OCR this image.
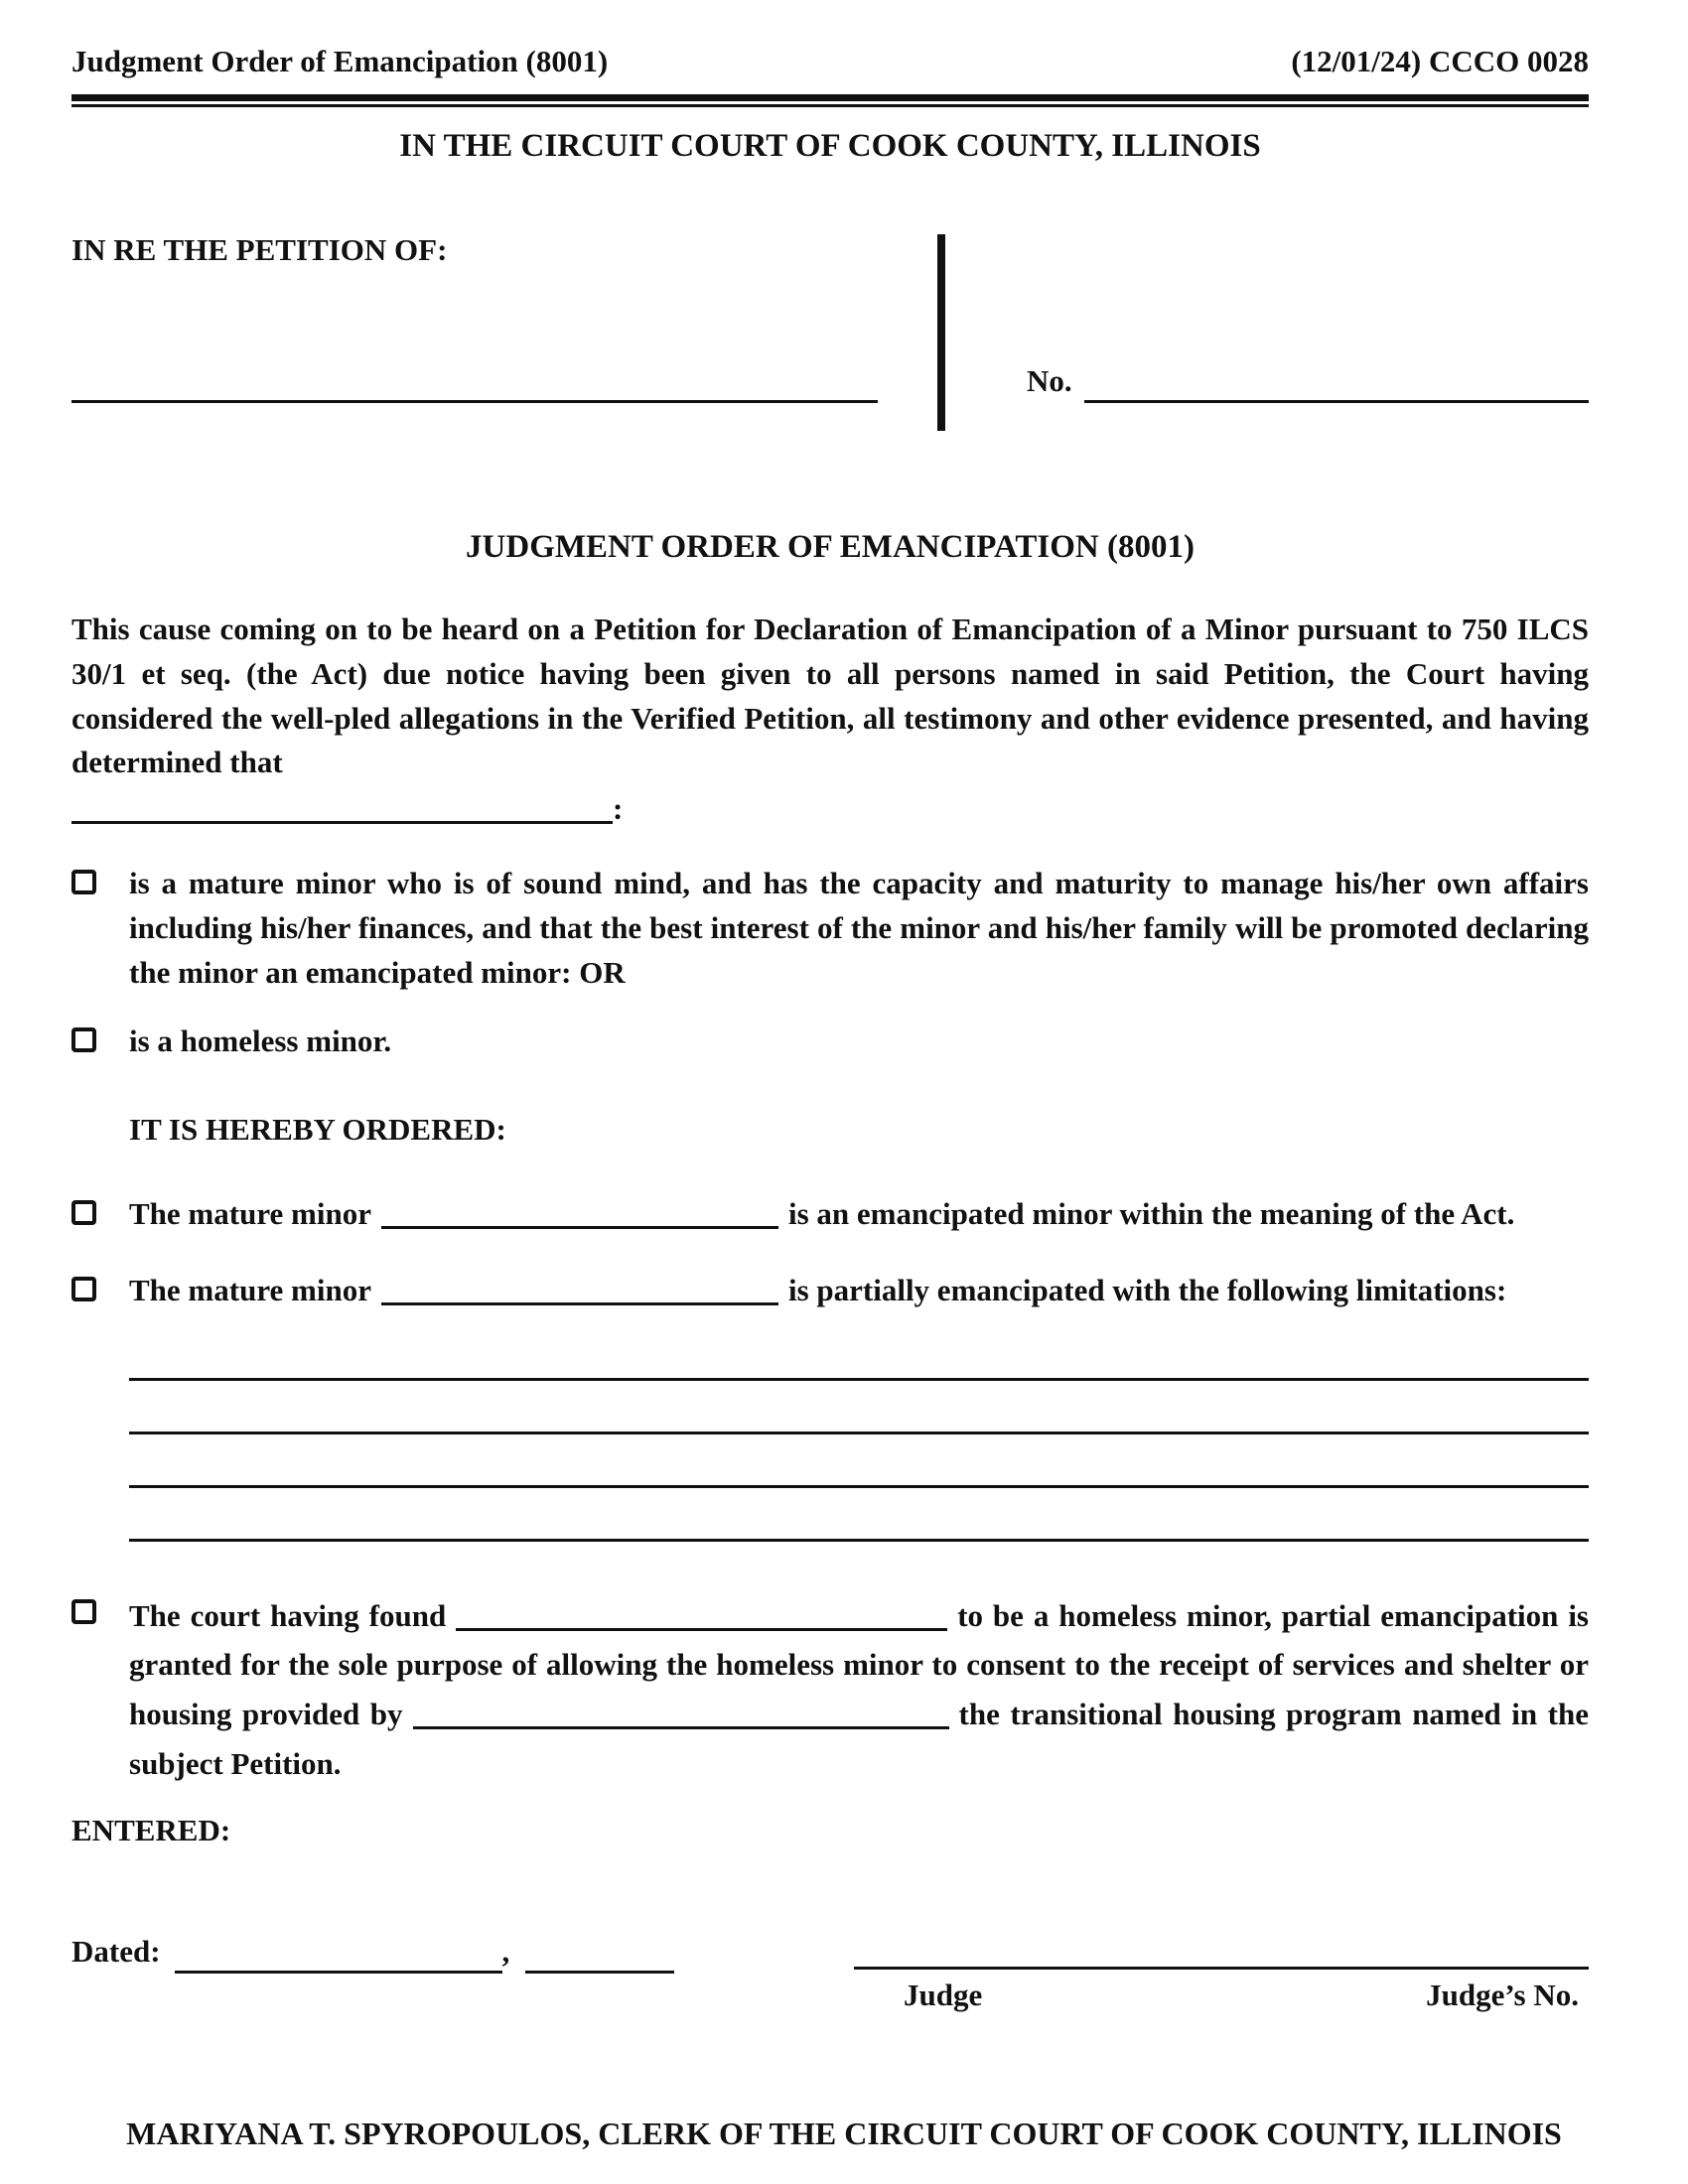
Judgment Order of Emancipation (8001)	(12/01/24) CCCO 0028
IN THE CIRCUIT COURT OF COOK COUNTY, ILLINOIS
IN RE THE PETITION OF:
No.
JUDGMENT ORDER OF EMANCIPATION (8001)

This cause coming on to be heard on a Petition for Declaration of Emancipation of a Minor pursuant to 750 ILCS 30/1 et seq. (the Act) due notice having been given to all persons named in said Petition, the Court having considered the well-pled allegations in the Verified Petition, all testimony and other evidence presented, and having determined that

:
is a mature minor who is of sound mind, and has the capacity and maturity to manage his/her own affairs including his/her finances, and that the best interest of the minor and his/her family will be promoted declaring the minor an emancipated minor: OR
is a homeless minor.
IT IS HEREBY ORDERED:
The mature minor	is an emancipated minor within the meaning of the Act.
The mature minor	is partially emancipated with the following limitations:
The court having found	to be a homeless minor, partial emancipation is granted for the sole purpose of allowing the homeless minor to consent to the receipt of services and shelter or housing provided by	the transitional housing program named in the subject Petition.
ENTERED:
Dated:	,
Judge	Judge’s No.
MARIYANA T. SPYROPOULOS, CLERK OF THE CIRCUIT COURT OF COOK COUNTY, ILLINOIS
